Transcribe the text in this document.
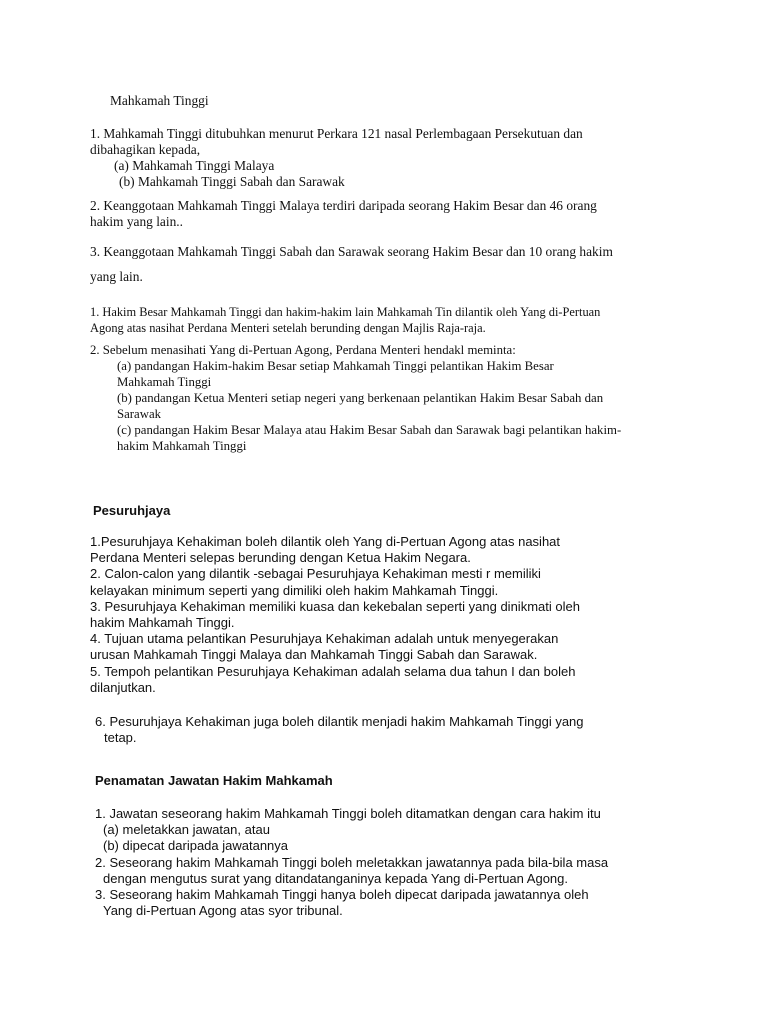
Mahkamah Tinggi
1. Mahkamah Tinggi ditubuhkan menurut Perkara 121 nasal Perlembagaan Persekutuan dan
dibahagikan kepada,
(a) Mahkamah Tinggi Malaya
(b) Mahkamah Tinggi Sabah dan Sarawak
2. Keanggotaan Mahkamah Tinggi Malaya terdiri daripada seorang Hakim Besar dan 46 orang
hakim yang lain..
3. Keanggotaan Mahkamah Tinggi Sabah dan Sarawak seorang Hakim Besar dan 10 orang hakim
yang lain.
1. Hakim Besar Mahkamah Tinggi dan hakim-hakim lain Mahkamah Tin dilantik oleh Yang di-Pertuan
Agong atas nasihat Perdana Menteri setelah berunding dengan Majlis Raja-raja.
2. Sebelum menasihati Yang di-Pertuan Agong, Perdana Menteri hendakl meminta:
(a) pandangan Hakim-hakim Besar setiap Mahkamah Tinggi pelantikan Hakim Besar
Mahkamah Tinggi
(b) pandangan Ketua Menteri setiap negeri yang berkenaan pelantikan Hakim Besar Sabah dan
Sarawak
(c) pandangan Hakim Besar Malaya atau Hakim Besar Sabah dan Sarawak bagi pelantikan hakim-
hakim Mahkamah Tinggi
Pesuruhjaya
1.Pesuruhjaya Kehakiman boleh dilantik oleh Yang di-Pertuan Agong atas nasihat
Perdana Menteri selepas berunding dengan Ketua Hakim Negara.
2. Calon-calon yang dilantik -sebagai Pesuruhjaya Kehakiman mesti r memiliki
kelayakan minimum seperti yang dimiliki oleh hakim Mahkamah Tinggi.
3. Pesuruhjaya Kehakiman memiliki kuasa dan kekebalan seperti yang dinikmati oleh
hakim Mahkamah Tinggi.
4. Tujuan utama pelantikan Pesuruhjaya Kehakiman adalah untuk menyegerakan
urusan Mahkamah Tinggi Malaya dan Mahkamah Tinggi Sabah dan Sarawak.
5. Tempoh pelantikan Pesuruhjaya Kehakiman adalah selama dua tahun I dan boleh
dilanjutkan.
6. Pesuruhjaya Kehakiman juga boleh dilantik menjadi hakim Mahkamah Tinggi yang
tetap.
Penamatan Jawatan Hakim Mahkamah
1. Jawatan seseorang hakim Mahkamah Tinggi boleh ditamatkan dengan cara hakim itu
(a) meletakkan jawatan, atau
(b) dipecat daripada jawatannya
2. Seseorang hakim Mahkamah Tinggi boleh meletakkan jawatannya pada bila-bila masa
dengan mengutus surat yang ditandatanganinya kepada Yang di-Pertuan Agong.
3. Seseorang hakim Mahkamah Tinggi hanya boleh dipecat daripada jawatannya oleh
Yang di-Pertuan Agong atas syor tribunal.
